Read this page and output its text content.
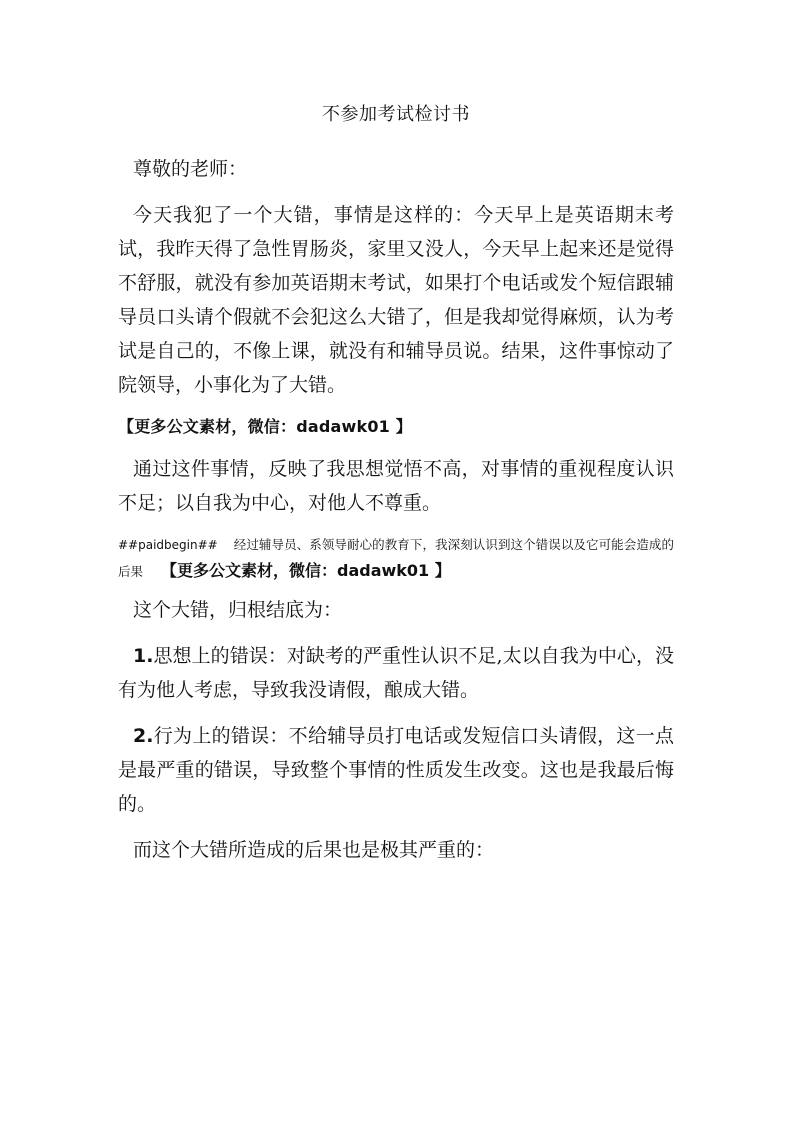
不参加考试检讨书

尊敬的老师：

今天我犯了一个大错，事情是这样的：今天早上是英语期末考试，我昨天得了急性胃肠炎，家里又没人，今天早上起来还是觉得不舒服，就没有参加英语期末考试，如果打个电话或发个短信跟辅导员口头请个假就不会犯这么大错了，但是我却觉得麻烦，认为考试是自己的，不像上课，就没有和辅导员说。结果，这件事惊动了院领导，小事化为了大错。

【更多公文素材，微信：dadawk01 】

通过这件事情，反映了我思想觉悟不高，对事情的重视程度认识不足；以自我为中心，对他人不尊重。

##paidbegin## 经过辅导员、系领导耐心的教育下，我深刻认识到这个错误以及它可能会造成的后果 【更多公文素材，微信：dadawk01 】

这个大错，归根结底为：

1.思想上的错误：对缺考的严重性认识不足,太以自我为中心，没有为他人考虑，导致我没请假，酿成大错。

2.行为上的错误：不给辅导员打电话或发短信口头请假，这一点是最严重的错误，导致整个事情的性质发生改变。这也是我最后悔的。

而这个大错所造成的后果也是极其严重的：
